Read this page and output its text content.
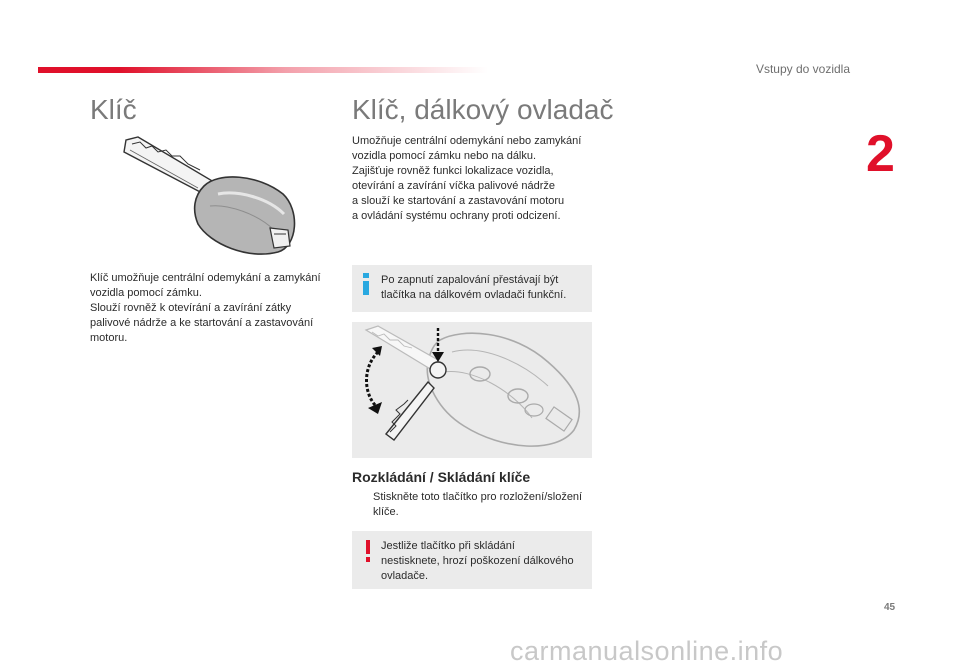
Vstupy do vozidla
2
Klíč	Klíč, dálkový ovladač
Klíč umožňuje centrální odemykání a zamykání
vozidla pomocí zámku.
Slouží rovněž k otevírání a zavírání zátky
palivové nádrže a ke startování a zastavování
motoru.
Umožňuje centrální odemykání nebo zamykání
vozidla pomocí zámku nebo na dálku.
Zajišťuje rovněž funkci lokalizace vozidla,
otevírání a zavírání víčka palivové nádrže
a slouží ke startování a zastavování motoru
a ovládání systému ochrany proti odcizení.
Po zapnutí zapalování přestávají být
tlačítka na dálkovém ovladači funkční.
Rozkládání / Skládání klíče
Stiskněte toto tlačítko pro rozložení/složení
klíče.
Jestliže tlačítko při skládání
nestisknete, hrozí poškození dálkového
ovladače.
45
carmanualsonline.info
